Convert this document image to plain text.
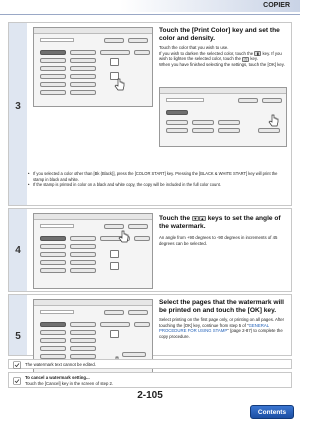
COPIER
3
Touch the [Print Color] key and set the color and density.
Touch the color that you wish to use.
If you wish to darken the selected color, touch the ▮ key. If you wish to lighten the selected color, touch the ▯ key.
When you have finished selecting the settings, touch the [OK] key.
• If you selected a color other than [Bk (Black)], press the [COLOR START] key. Pressing the [BLACK & WHITE START] key will print the stamp in black and white.
• If the stamp is printed in color on a black and white copy, the copy will be included in the full color count.
4
Touch the ▼ ▲ keys to set the angle of the watermark.
An angle from +90 degrees to -90 degrees in increments of 45 degrees can be selected.
5
Select the pages that the watermark will be printed on and touch the [OK] key.
Select printing on the first page only, or printing on all pages. After touching the [OK] key, continue from step 5 of "GENERAL PROCEDURE FOR USING STAMP" (page 2-87) to complete the copy procedure.
2-105
Contents
The watermark text cannot be edited.
To cancel a watermark setting...
Touch the [Cancel] key in the screen of step 2.
